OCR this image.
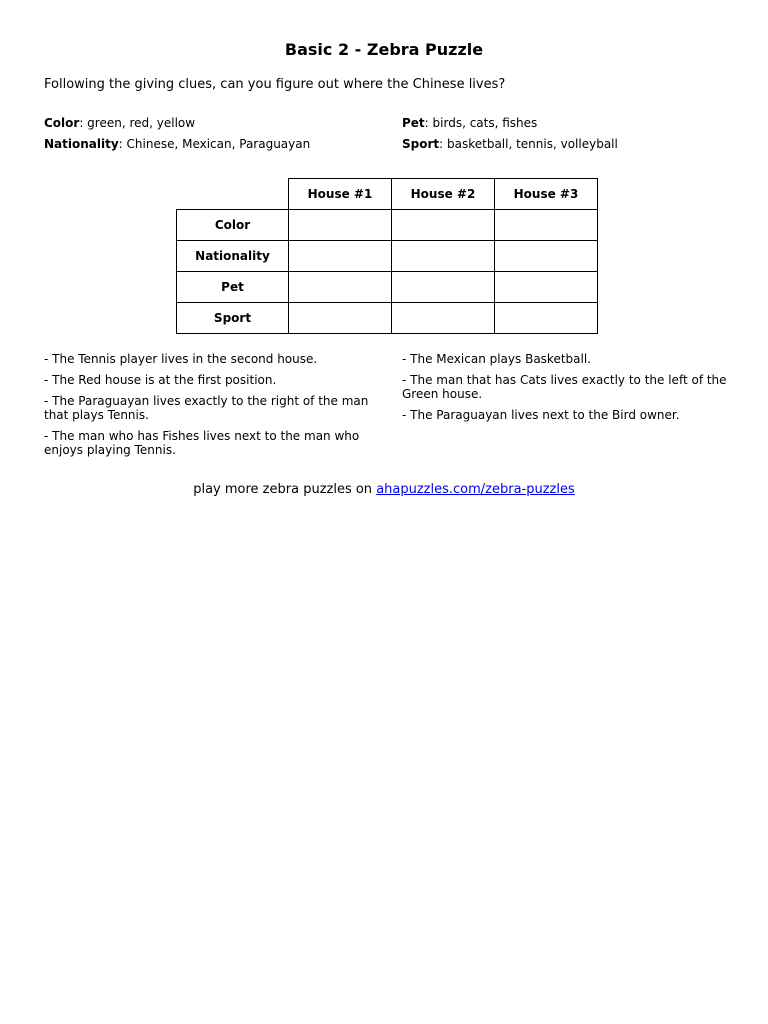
Basic 2 - Zebra Puzzle
Following the giving clues, can you figure out where the Chinese lives?
Color: green, red, yellow	Pet: birds, cats, fishes
Nationality: Chinese, Mexican, Paraguayan	Sport: basketball, tennis, volleyball
	House #1	House #2	House #3
Color			
Nationality			
Pet			
Sport			
- The Tennis player lives in the second house.
- The Red house is at the first position.
- The Paraguayan lives exactly to the right of the man that plays Tennis.
- The man who has Fishes lives next to the man who enjoys playing Tennis.
- The Mexican plays Basketball.
- The man that has Cats lives exactly to the left of the Green house.
- The Paraguayan lives next to the Bird owner.
play more zebra puzzles on ahapuzzles.com/zebra-puzzles
